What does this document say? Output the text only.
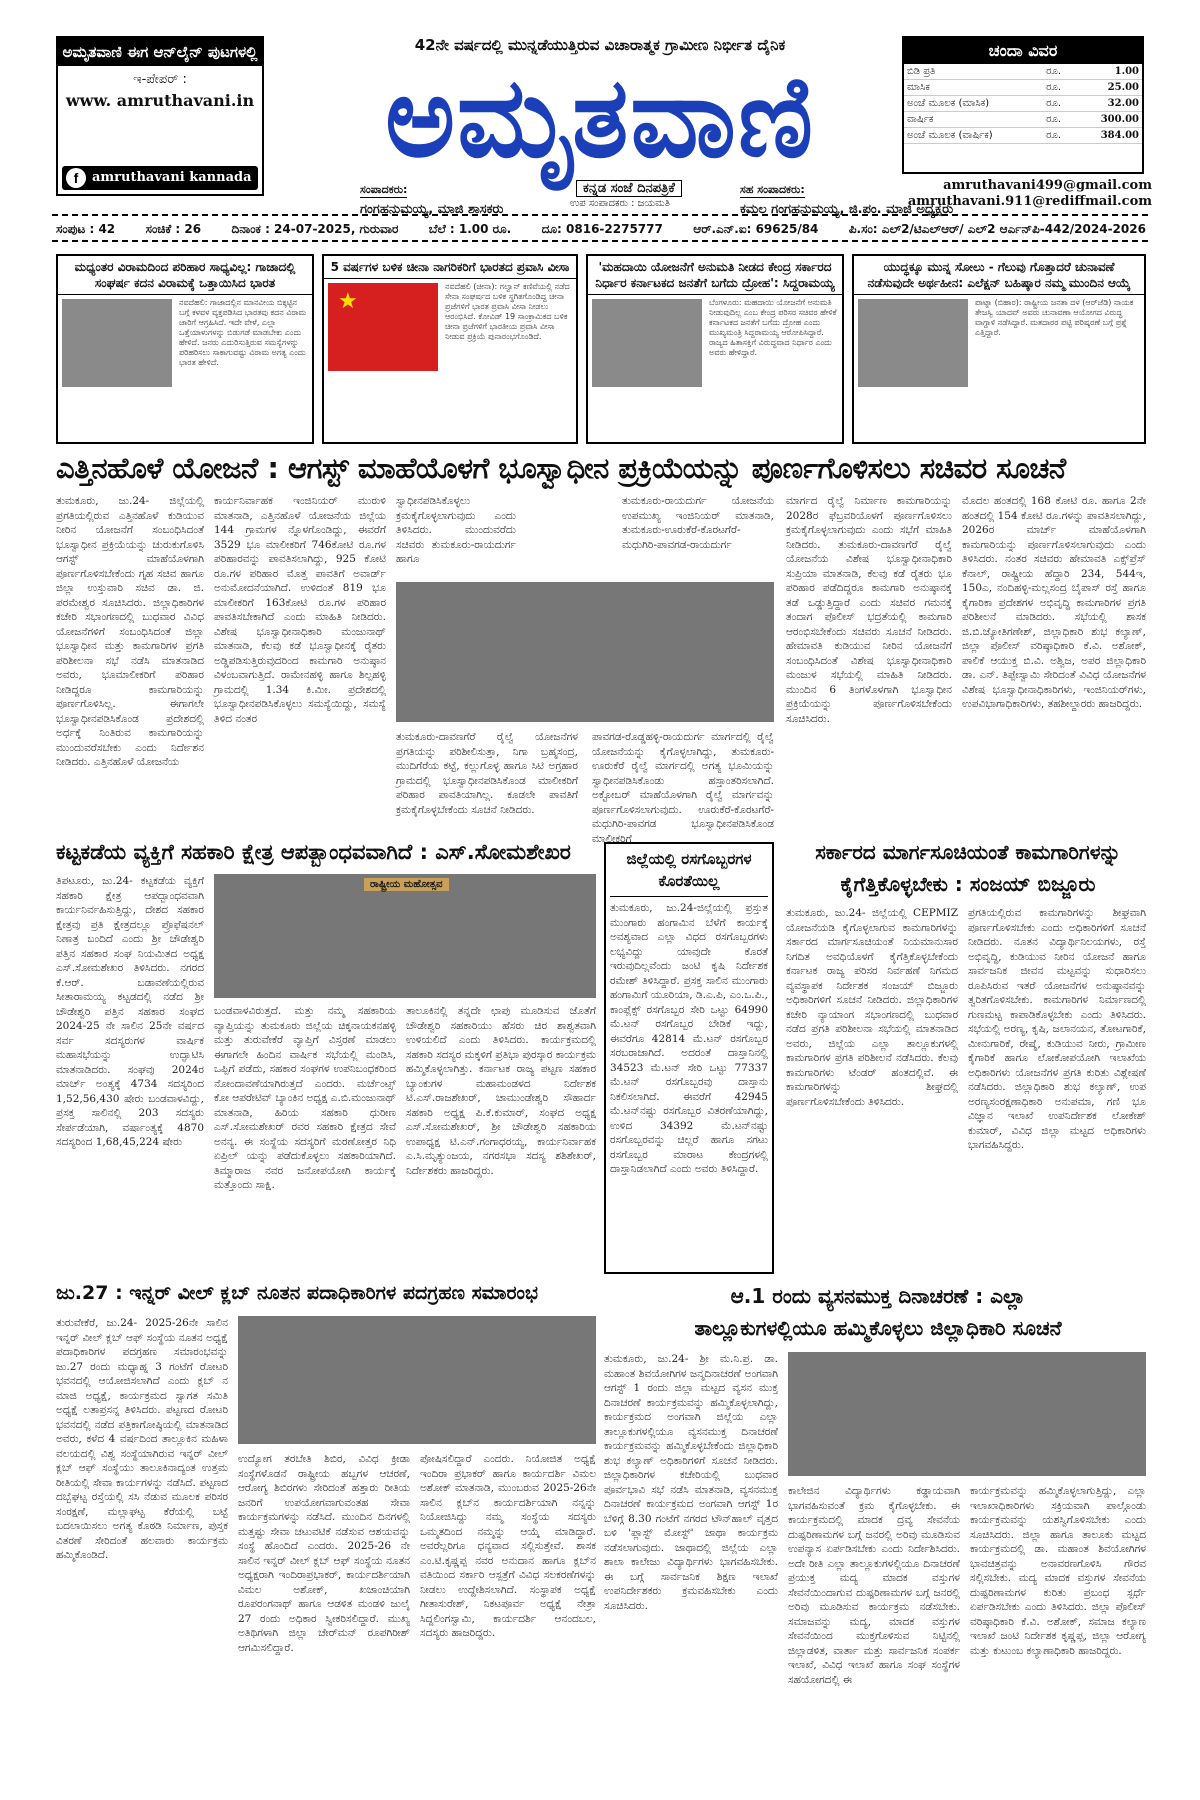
ಅಮೃತವಾಣಿ ಈಗ ಆನ್‌ಲೈನ್ ಪುಟಗಳಲ್ಲಿ
ಇ-ಪೇಪರ್ :
www. amruthavani.in
f	amruthavani kannada
42ನೇ ವರ್ಷದಲ್ಲಿ ಮುನ್ನಡೆಯುತ್ತಿರುವ ವಿಚಾರಾತ್ಮಕ ಗ್ರಾಮೀಣ ನಿರ್ಭೀತ ದೈನಿಕ
ಅಮೃತವಾಣಿ
ಸಂಪಾದಕರು:
ಗಂಗಹನುಮಯ್ಯ, ಮಾಜಿ ಶಾಸಕರು
ಕನ್ನಡ ಸಂಜೆ ದಿನಪತ್ರಿಕೆ
ಉಪ ಸಂಪಾದಕರು : ಜಯಮತಿ
ಸಹ ಸಂಪಾದಕರು:
ಕಮಲ ಗಂಗಹನುಮಯ್ಯ, ಜಿ.ಪಂ. ಮಾಜಿ ಅಧ್ಯಕ್ಷರು
ಚಂದಾ ವಿವರ
ಬಿಡಿ ಪ್ರತಿ	ರೂ.	1.00
ಮಾಸಿಕ	ರೂ.	25.00
ಅಂಚೆ ಮೂಲಕ (ಮಾಸಿಕ)	ರೂ.	32.00
ವಾರ್ಷಿಕ	ರೂ.	300.00
ಅಂಚೆ ಮೂಲಕ (ವಾರ್ಷಿಕ)	ರೂ.	384.00
amruthavani499@gmail.com
amruthavani.911@rediffmail.com
ಸಂಪುಟ : 42	ಸಂಚಿಕೆ : 26	ದಿನಾಂಕ : 24-07-2025, ಗುರುವಾರ	ಬೆಲೆ : 1.00 ರೂ.	ದೂ: 0816-2275777	ಆರ್.ಎನ್.ಐ: 69625/84	ಪಿ.ಸಂ: ಎಲ್2/ಟಿಎಲ್ಆರ್/ ಎಲ್2 ಆರ್ಎನ್‌ಪಿ-442/2024-2026
ಮಧ್ಯಂತರ ವಿರಾಮದಿಂದ ಪರಿಹಾರ ಸಾಧ್ಯವಿಲ್ಲ: ಗಾಜಾದಲ್ಲಿ ಸಂಘರ್ಷ ಕದನ ವಿರಾಮಕ್ಕೆ ಒತ್ತಾಯಿಸಿದ ಭಾರತ
ನವದೆಹಲಿ: ಗಾಜಾದಲ್ಲಿನ ಮಾನವೀಯ ಬಿಕ್ಕಟ್ಟಿನ ಬಗ್ಗೆ ಕಳವಳ ವ್ಯಕ್ತಪಡಿಸಿದ ಭಾರತವು ಕದನ ವಿರಾಮ ಜಾರಿಗೆ ಆಗ್ರಹಿಸಿದೆ. ಇದೇ ವೇಳೆ, ಎಲ್ಲಾ ಒತ್ತೆಯಾಳುಗಳನ್ನು ಬಿಡುಗಡೆ ಮಾಡಬೇಕು ಎಂದು ಹೇಳಿದೆ. ಜನರು ಎದುರಿಸುತ್ತಿರುವ ಸಮಸ್ಯೆಗಳನ್ನು ಪರಿಹರಿಸಲು ಸಾಕಾಗುವಷ್ಟು ವಿರಾಮ ಅಗತ್ಯ ಎಂದು ಭಾರತ ಹೇಳಿದೆ.
5 ವರ್ಷಗಳ ಬಳಿಕ ಚೀನಾ ನಾಗರಿಕರಿಗೆ ಭಾರತದ ಪ್ರವಾಸಿ ವೀಸಾ
★
ನವದೆಹಲಿ (ಚೀನಾ): ಗಲ್ವಾನ್ ಕಣಿವೆಯಲ್ಲಿ ನಡೆದ ಸೇನಾ ಸಂಘರ್ಷದ ಬಳಿಕ ಸ್ಥಗಿತಗೊಂಡಿದ್ದ ಚೀನಾ ಪ್ರಜೆಗಳಿಗೆ ಭಾರತ ಪ್ರವಾಸಿ ವೀಸಾ ನೀಡಲು ಆರಂಭಿಸಿದೆ. ಕೋವಿಡ್ 19 ಸಾಂಕ್ರಾಮಿಕದ ಬಳಿಕ ಚೀನಾ ಪ್ರಜೆಗಳಿಗೆ ಭಾರತೀಯ ಪ್ರವಾಸಿ ವೀಸಾ ನೀಡುವ ಪ್ರಕ್ರಿಯೆ ಪುನಾರಂಭಗೊಂಡಿದೆ.
'ಮಹದಾಯಿ ಯೋಜನೆಗೆ ಅನುಮತಿ ನೀಡದ ಕೇಂದ್ರ ಸರ್ಕಾರದ ನಿರ್ಧಾರ ಕರ್ನಾಟಕದ ಜನತೆಗೆ ಬಗೆದು ದ್ರೋಹ': ಸಿದ್ದರಾಮಯ್ಯ
ಬೆಂಗಳೂರು: ಮಹದಾಯಿ ಯೋಜನೆಗೆ ಅನುಮತಿ ನೀಡುವುದಿಲ್ಲ ಎಂಬ ಕೇಂದ್ರ ಪರಿಸರ ಸಚಿವರ ಹೇಳಿಕೆ ಕರ್ನಾಟಕದ ಜನತೆಗೆ ಬಗೆದು ದ್ರೋಹ ಎಂದು ಮುಖ್ಯಮಂತ್ರಿ ಸಿದ್ದರಾಮಯ್ಯ ಆರೋಪಿಸಿದ್ದಾರೆ. ರಾಜ್ಯದ ಹಿತಾಸಕ್ತಿಗೆ ವಿರುದ್ಧವಾದ ನಿರ್ಧಾರ ಎಂದು ಅವರು ಹೇಳಿದ್ದಾರೆ.
ಯುದ್ಧಕ್ಕೂ ಮುನ್ನ ಸೋಲು - ಗೆಲುವು ಗೊತ್ತಾದರೆ ಚುನಾವಣೆ ನಡೆಸುವುದೇ ಅರ್ಥಹೀನ: ಎಲೆಕ್ಷನ್ ಬಹಿಷ್ಕಾರ ನಮ್ಮ ಮುಂದಿನ ಆಯ್ಕೆ
ಪಾಟ್ನಾ (ಬಿಹಾರ): ರಾಷ್ಟ್ರೀಯ ಜನತಾ ದಳ (ಆರ್‌ಜೆಡಿ) ನಾಯಕ ತೇಜಸ್ವಿ ಯಾದವ್ ಅವರು ಚುನಾವಣಾ ಆಯೋಗದ ವಿರುದ್ಧ ವಾಗ್ದಾಳಿ ನಡೆಸಿದ್ದಾರೆ. ಮತದಾರರ ಪಟ್ಟಿ ಪರಿಷ್ಕರಣೆ ಬಗ್ಗೆ ಪ್ರಶ್ನೆ ಎತ್ತಿದ್ದಾರೆ.
ಎತ್ತಿನಹೊಳೆ ಯೋಜನೆ : ಆಗಸ್ಟ್ ಮಾಹೆಯೊಳಗೆ ಭೂಸ್ವಾಧೀನ ಪ್ರಕ್ರಿಯೆಯನ್ನು ಪೂರ್ಣಗೊಳಿಸಲು ಸಚಿವರ ಸೂಚನೆ
ತುಮಕೂರು, ಜು.24- ಜಿಲ್ಲೆಯಲ್ಲಿ ಪ್ರಗತಿಯಲ್ಲಿರುವ ಎತ್ತಿನಹೊಳೆ ಕುಡಿಯುವ ನೀರಿನ ಯೋಜನೆಗೆ ಸಂಬಂಧಿಸಿದಂತೆ ಭೂಸ್ವಾಧೀನ ಪ್ರಕ್ರಿಯೆಯನ್ನು ಚುರುಕುಗೊಳಿಸಿ ಆಗಸ್ಟ್ ಮಾಹೆಯೊಳಗಾಗಿ ಪೂರ್ಣಗೊಳಿಸಬೇಕೆಂದು ಗೃಹ ಸಚಿವ ಹಾಗೂ ಜಿಲ್ಲಾ ಉಸ್ತುವಾರಿ ಸಚಿವ ಡಾ. ಜಿ. ಪರಮೇಶ್ವರ ಸೂಚಿಸಿದರು. ಜಿಲ್ಲಾಧಿಕಾರಿಗಳ ಕಚೇರಿ ಸಭಾಂಗಣದಲ್ಲಿ ಬುಧವಾರ ವಿವಿಧ ಯೋಜನೆಗಳಿಗೆ ಸಂಬಂಧಿಸಿದಂತೆ ಜಿಲ್ಲಾ ಭೂಸ್ವಾಧೀನ ಮತ್ತು ಕಾಮಗಾರಿಗಳ ಪ್ರಗತಿ ಪರಿಶೀಲನಾ ಸಭೆ ನಡೆಸಿ ಮಾತನಾಡಿದ ಅವರು, ಭೂಮಾಲೀಕರಿಗೆ ಪರಿಹಾರ ನೀಡಿದ್ದರೂ ಕಾಮಗಾರಿಯನ್ನು ಪೂರ್ಣಗೊಳಿಸಿಲ್ಲ. ಈಗಾಗಲೇ ಭೂಸ್ವಾಧೀನಪಡಿಸಿಕೊಂಡ ಪ್ರದೇಶದಲ್ಲಿ ಅರ್ಧಕ್ಕೆ ನಿಂತಿರುವ ಕಾಮಗಾರಿಯನ್ನು ಮುಂದುವರೆಸಬೇಕು ಎಂದು ನಿರ್ದೇಶನ ನೀಡಿದರು. ಎತ್ತಿನಹೊಳೆ ಯೋಜನೆಯ
ಕಾರ್ಯನಿರ್ವಾಹಕ ಇಂಜಿನಿಯರ್ ಮುರುಳಿ ಮಾತನಾಡಿ, ಎತ್ತಿನಹೊಳೆ ಯೋಜನೆಯ ಜಿಲ್ಲೆಯ 144 ಗ್ರಾಮಗಳ ನ್ನೊಳಗೊಂಡಿದ್ದು, ಈವರೆಗೆ 3529 ಭೂ ಮಾಲೀಕರಿಗೆ 746ಕೋಟಿ ರೂ.ಗಳ ಪರಿಹಾರವನ್ನು ಪಾವತಿಸಲಾಗಿದ್ದು, 925 ಕೋಟಿ ರೂ.ಗಳ ಪರಿಹಾರ ಮೊತ್ತ ಪಾವತಿಗೆ ಅವಾರ್ಡ್ ಅನುಮೋದನೆಯಾಗಿದೆ. ಉಳಿದಂತೆ 819 ಭೂ ಮಾಲೀಕರಿಗೆ 163ಕೋಟಿ ರೂ.ಗಳ ಪರಿಹಾರ ಪಾವತಿಸಬೇಕಾಗಿದೆ ಎಂದು ಮಾಹಿತಿ ನೀಡಿದರು. ವಿಶೇಷ ಭೂಸ್ವಾಧೀನಾಧಿಕಾರಿ ಮಂಜುನಾಥ್ ಮಾತನಾಡಿ, ಕೆಲವು ಕಡೆ ಭೂಸ್ವಾಧೀನಕ್ಕೆ ರೈತರು ಅಡ್ಡಿಪಡಿಸುತ್ತಿರುವುದರಿಂದ ಕಾಮಗಾರಿ ಅನುಷ್ಠಾನ ವಿಳಂಬವಾಗುತ್ತಿದೆ. ರಾಮೇನಹಳ್ಳಿ ಹಾಗೂ ಶಿಲ್ಪಹಳ್ಳಿ ಗ್ರಾಮದಲ್ಲಿ 1.34 ಕಿ.ಮೀ. ಪ್ರದೇಶದಲ್ಲಿ ಭೂಸ್ವಾಧೀನಪಡಿಸಿಕೊಳ್ಳಲು ಸಮಸ್ಯೆಯಿದ್ದು, ಸಮಸ್ಯೆ ತಿಳಿದ ನಂತರ
ಸ್ವಾಧೀನಪಡಿಸಿಕೊಳ್ಳಲು ಕ್ರಮಕೈಗೊಳ್ಳಲಾಗುವುದು ಎಂದು ತಿಳಿಸಿದರು. ಮುಂದುವರೆದು ಸಚಿವರು ತುಮಕೂರು-ರಾಯದುರ್ಗ ಹಾಗೂ
ತುಮಕೂರು-ರಾಯದುರ್ಗ ಯೋಜನೆಯ ಉಪಮುಖ್ಯ ಇಂಜಿನಿಯರ್ ಮಾತನಾಡಿ, ತುಮಕೂರು-ಊರುಕೆರೆ-ಕೊರಟಗೆರೆ-ಮಧುಗಿರಿ-ಪಾವಗಡ-ರಾಯದುರ್ಗ
ತುಮಕೂರು-ದಾವಣಗೆರೆ ರೈಲ್ವೆ ಯೋಜನೆಗಳ ಪ್ರಗತಿಯನ್ನು ಪರಿಶೀಲಿಸುತ್ತಾ, ನಿಗಾ ಬ್ರಹ್ಮಸಂದ್ರ, ಮುದಿಗೆರೆಯ ಕಟ್ಟೆ, ಕಲ್ಲುಗೊಳ್ಳ ಹಾಗೂ ಸಿಟಿ ಅಗ್ರಹಾರ ಗ್ರಾಮದಲ್ಲಿ ಭೂಸ್ವಾಧೀನಪಡಿಸಿಕೊಂಡ ಮಾಲೀಕರಿಗೆ ಪರಿಹಾರ ಪಾವತಿಯಾಗಿಲ್ಲ. ಕೂಡಲೇ ಪಾವತಿಗೆ ಕ್ರಮಕೈಗೊಳ್ಳಬೇಕೆಂದು ಸೂಚನೆ ನೀಡಿದರು.
ಪಾವಗಡ-ರೊಡ್ಡಹಳ್ಳಿ-ರಾಯದುರ್ಗ ಮಾರ್ಗದಲ್ಲಿ ರೈಲ್ವೆ ಯೋಜನೆಯನ್ನು ಕೈಗೊಳ್ಳಲಾಗಿದ್ದು, ತುಮಕೂರು-ಊರುಕೆರೆ ರೈಲ್ವೆ ಮಾರ್ಗದಲ್ಲಿ ಅಗತ್ಯ ಭೂಮಿಯನ್ನು ಸ್ವಾಧೀನಪಡಿಸಿಕೊಂಡು ಹಸ್ತಾಂತರಿಸಲಾಗಿದೆ. ಅಕ್ಟೋಬರ್ ಮಾಹೆಯೊಳಗಾಗಿ ರೈಲ್ವೆ ಮಾರ್ಗವನ್ನು ಪೂರ್ಣಗೊಳಿಸಲಾಗುವುದು. ಊರುಕೆರೆ-ಕೊರಟಗೆರೆ-ಮಧುಗಿರಿ-ಪಾವಗಡ ಭೂಸ್ವಾಧೀನಪಡಿಸಿಕೊಂಡ ಮಾಲೀಕರಿಗೆ
ಮಾರ್ಗದ ರೈಲ್ವೆ ನಿರ್ಮಾಣ ಕಾಮಗಾರಿಯನ್ನು 2028ರ ಫೆಬ್ರವರಿಯೊಳಗೆ ಪೂರ್ಣಗೊಳಿಸಲು ಕ್ರಮಕೈಗೊಳ್ಳಲಾಗುವುದು ಎಂದು ಸಭೆಗೆ ಮಾಹಿತಿ ನೀಡಿದರು. ತುಮಕೂರು-ದಾವಣಗೆರೆ ರೈಲ್ವೆ ಯೋಜನೆಯ ವಿಶೇಷ ಭೂಸ್ವಾಧೀನಾಧಿಕಾರಿ ಸುಪ್ರಿಯಾ ಮಾತನಾಡಿ, ಕೆಲವು ಕಡೆ ರೈತರು ಭೂ ಪರಿಹಾರ ಪಡೆದಿದ್ದರೂ ಕಾಮಗಾರಿ ಅನುಷ್ಠಾನಕ್ಕೆ ತಡೆ ಒಡ್ಡುತ್ತಿದ್ದಾರೆ ಎಂದು ಸಚಿವರ ಗಮನಕ್ಕೆ ತಂದಾಗ ಪೊಲೀಸ್ ಭದ್ರತೆಯಲ್ಲಿ ಕಾಮಗಾರಿ ಆರಂಭಿಸಬೇಕೆಂದು ಸಚಿವರು ಸೂಚನೆ ನೀಡಿದರು. ಹೇಮಾವತಿ ಕುಡಿಯುವ ನೀರಿನ ಯೋಜನೆಗೆ ಸಂಬಂಧಿಸಿದಂತೆ ವಿಶೇಷ ಭೂಸ್ವಾಧೀನಾಧಿಕಾರಿ ಮಂಜುಳ ಸಭೆಯಲ್ಲಿ ಮಾಹಿತಿ ನೀಡಿದರು. ಮುಂದಿನ 6 ತಿಂಗಳೊಳಗಾಗಿ ಭೂಸ್ವಾಧೀನ ಪ್ರಕ್ರಿಯೆಯನ್ನು ಪೂರ್ಣಗೊಳಿಸಬೇಕೆಂದು ಸೂಚಿಸಿದರು.
ಮೊದಲ ಹಂತದಲ್ಲಿ 168 ಕೋಟಿ ರೂ. ಹಾಗೂ 2ನೇ ಹಂತದಲ್ಲಿ 154 ಕೋಟಿ ರೂ.ಗಳನ್ನು ಪಾವತಿಸಲಾಗಿದ್ದು, 2026ರ ಮಾರ್ಚ್ ಮಾಹೆಯೊಳಗಾಗಿ ಕಾಮಗಾರಿಯನ್ನು ಪೂರ್ಣಗೊಳಿಸಲಾಗುವುದು ಎಂದು ತಿಳಿಸಿದರು. ನಂತರ ಸಚಿವರು ಹೇಮಾವತಿ ಎಕ್ಸ್‌ಪ್ರೆಸ್ ಕೆನಾಲ್, ರಾಷ್ಟ್ರೀಯ ಹೆದ್ದಾರಿ 234, 544ಇ, 150ಎ, ನಂದಿಹಳ್ಳಿ-ಮಲ್ಲಸಂದ್ರ ಬೈಪಾಸ್ ರಸ್ತೆ ಹಾಗೂ ಕೈಗಾರಿಕಾ ಪ್ರದೇಶಗಳ ಅಭಿವೃದ್ಧಿ ಕಾಮಗಾರಿಗಳ ಪ್ರಗತಿ ಪರಿಶೀಲನೆ ಮಾಡಿದರು. ಸಭೆಯಲ್ಲಿ ಶಾಸಕ ಜಿ.ಬಿ.ಜ್ಯೋತಿಗಣೇಶ್, ಜಿಲ್ಲಾಧಿಕಾರಿ ಶುಭ ಕಲ್ಯಾಣ್, ಜಿಲ್ಲಾ ಪೊಲೀಸ್ ವರಿಷ್ಠಾಧಿಕಾರಿ ಕೆ.ವಿ. ಅಶೋಕ್, ಪಾಲಿಕೆ ಆಯುಕ್ತ ಬಿ.ವಿ. ಅಶ್ವಿಜ, ಅಪರ ಜಿಲ್ಲಾಧಿಕಾರಿ ಡಾ. ಎನ್. ತಿಪ್ಪೇಸ್ವಾಮಿ ಸೇರಿದಂತೆ ವಿವಿಧ ಯೋಜನೆಗಳ ವಿಶೇಷ ಭೂಸ್ವಾಧೀನಾಧಿಕಾರಿಗಳು, ಇಂಜಿನಿಯರ್‌ಗಳು, ಉಪವಿಭಾಗಾಧಿಕಾರಿಗಳು, ತಹಶೀಲ್ದಾರರು ಹಾಜರಿದ್ದರು.
ಕಟ್ಟಕಡೆಯ ವ್ಯಕ್ತಿಗೆ ಸಹಕಾರಿ ಕ್ಷೇತ್ರ ಆಪತ್ಬಾಂಧವವಾಗಿದೆ : ಎಸ್.ಸೋಮಶೇಖರ
ತಿಪಟೂರು, ಜು.24- ಕಟ್ಟಕಡೆಯ ವ್ಯಕ್ತಿಗೆ ಸಹಕಾರಿ ಕ್ಷೇತ್ರ ಆಪದ್ಬಾಂಧವವಾಗಿ ಕಾರ್ಯನಿರ್ವಹಿಸುತ್ತಿದ್ದು, ದೇಶದ ಸಹಕಾರ ಕ್ಷೇತ್ರವು ಪ್ರತಿ ಕ್ಷೇತ್ರದಲ್ಲೂ ಪ್ರೊಫೆಷನಲ್ ನಿಣಾತ್ರ ಬಂದಿದೆ ಎಂದು ಶ್ರೀ ಚೌಡೇಶ್ವರಿ ಪತ್ತಿನ ಸಹಕಾರ ಸಂಘ ನಿಯಮಿತದ ಅಧ್ಯಕ್ಷ ಎಸ್.ಸೋಮಶೇಖರ ತಿಳಿಸಿದರು. ನಗರದ ಕೆ.ಆರ್. ಬಡಾವಣೆಯಲ್ಲಿರುವ ಸೀತಾರಾಮಯ್ಯ ಕಟ್ಟಡದಲ್ಲಿ ನಡೆದ ಶ್ರೀ ಚೌಡೇಶ್ವರಿ ಪತ್ತಿನ ಸಹಕಾರ ಸಂಘದ 2024-25 ನೇ ಸಾಲಿನ 25ನೇ ವರ್ಷದ ಸರ್ವ ಸದಸ್ಯರುಗಳ ವಾರ್ಷಿಕ ಮಹಾಸಭೆಯನ್ನು ಉದ್ಘಾಟಿಸಿ ಮಾತನಾಡಿದರು. ಸಂಘವು 2024ರ ಮಾರ್ಚ್ ಅಂತ್ಯಕ್ಕೆ 4734 ಸದಸ್ಯರಿಂದ 1,52,56,430 ಷೇರು ಬಂಡವಾಳವಿದ್ದು, ಪ್ರಸಕ್ತ ಸಾಲಿನಲ್ಲಿ 203 ಸದಸ್ಯರು ಸೇರ್ಪಡೆಯಾಗಿ, ವರ್ಷಾಂತ್ಯಕ್ಕೆ 4870 ಸದಸ್ಯರಿಂದ 1,68,45,224 ಷೇರು
ರಾಷ್ಟ್ರೀಯ ಮಹೋತ್ಸವ
ಬಂಡವಾಳವಿರುತ್ತದೆ. ಮತ್ತು ನಮ್ಮ ಸಹಕಾರಿಯ ವ್ಯಾಪ್ತಿಯನ್ನು ತುಮಕೂರು ಜಿಲ್ಲೆಯ ಚಿಕ್ಕನಾಯಕನಹಳ್ಳಿ ಮತ್ತು ತುರುವೇಕೆರೆ ವ್ಯಾಪ್ತಿಗೆ ವಿಸ್ತರಣೆ ಮಾಡಲು ಈಗಾಗಲೇ ಹಿಂದಿನ ವಾರ್ಷಿಕ ಸಭೆಯಲ್ಲಿ ಮಂಡಿಸಿ, ಒಪ್ಪಿಗೆ ಪಡೆದು, ಸಹಕಾರ ಸಂಘಗಳ ಉಪನಿಬಂಧಕರಿಂದ ನೋಂದಾವಣೆಯಾಗಿರುತ್ತದೆ ಎಂದರು. ಮರ್ಚೆಂಟ್ಸ್ ಕೋ ಆಪರೇಟಿವ್ ಬ್ಯಾಂಕಿನ ಅಧ್ಯಕ್ಷ ಎ.ಬಿ.ಮಂಜುನಾಥ್ ಮಾತನಾಡಿ, ಹಿರಿಯ ಸಹಕಾರಿ ಧುರೀಣ ಎಸ್.ಸೋಮಶೇಖರ್ ರವರ ಸಹಕಾರಿ ಕ್ಷೇತ್ರದ ಸೇವೆ ಅನನ್ಯ. ಈ ಸಂಸ್ಥೆಯ ಸದಸ್ಯರಿಗೆ ಮರಣೋತ್ತರ ನಿಧಿ ಏಪ್ರಿಲ್ ಯನ್ನು ಪಡೆದುಕೊಳ್ಳಲು ಸಹಕಾರಿಯಾಗಿದೆ. ತಿಮ್ಮಾರಾಜ ನವರ ಜನೋಪಯೋಗಿ ಕಾರ್ಯಕ್ಕೆ ಮತ್ತೊಂದು ಸಾಕ್ಷಿ.
ತಾಲೂಕಿನಲ್ಲಿ ತನ್ನದೇ ಛಾಪು ಮೂಡಿಸುವ ಜೊತೆಗೆ ಚೌಡೇಶ್ವರಿ ಸಹಕಾರಿಯು ಹೆಸರು ಚಿರ ಶಾಶ್ವತವಾಗಿ ಉಳಿಯಲಿದೆ ಎಂದು ತಿಳಿಸಿದರು. ಕಾರ್ಯಕ್ರಮದಲ್ಲಿ ಸಹಕಾರಿ ಸದಸ್ಯರ ಮಕ್ಕಳಿಗೆ ಪ್ರತಿಭಾ ಪುರಸ್ಕಾರ ಕಾರ್ಯಕ್ರಮ ಹಮ್ಮಿಕೊಳ್ಳಲಾಗಿತ್ತು. ಕರ್ನಾಟಕ ರಾಜ್ಯ ಪಟ್ಟಣ ಸಹಕಾರ ಬ್ಯಾಂಕುಗಳ ಮಹಾಮಂಡಳದ ನಿರ್ದೇಶಕ ಟಿ.ಎಸ್.ರಾಜಶೇಖರ್, ಚಾಮುಂಡೇಶ್ವರಿ ಸೌಹಾರ್ದ ಸಹಕಾರಿ ಅಧ್ಯಕ್ಷ ಪಿ.ಕೆ.ಕುಮಾರ್, ಸಂಘದ ಅಧ್ಯಕ್ಷ ಎಸ್.ಸೋಮಶೇಖರ್, ಶ್ರೀ ಚೌಡೇಶ್ವರಿ ಸಹಕಾರಿಯ ಉಪಾಧ್ಯಕ್ಷ ಟಿ.ಎನ್.ಗಂಗಾಧರಯ್ಯ, ಕಾರ್ಯನಿರ್ವಾಹಕ ಎ.ಸಿ.ಮೃತ್ಯುಂಜಯ, ನಗರಸಭಾ ಸದಸ್ಯ ಶಶಿಶೇಖರ್, ನಿರ್ದೇಶಕರು ಹಾಜರಿದ್ದರು.
ಜಿಲ್ಲೆಯಲ್ಲಿ ರಸಗೊಬ್ಬರಗಳ ಕೊರತೆಯಿಲ್ಲ
ತುಮಕೂರು, ಜು.24-ಜಿಲ್ಲೆಯಲ್ಲಿ ಪ್ರಸ್ತುತ ಮುಂಗಾರು ಹಂಗಾಮಿನ ಬೆಳೆಗೆ ಕಾರ್ಯಕ್ಕೆ ಅವಶ್ಯವಾದ ಎಲ್ಲಾ ವಿಧದ ರಸಗೊಬ್ಬರಗಳು ಲಭ್ಯವಿದ್ದು ಯಾವುದೇ ಕೊರತೆ ಇರುವುದಿಲ್ಲವೆಂದು ಜಂಟಿ ಕೃಷಿ ನಿರ್ದೇಶಕ ರಮೇಶ್ ತಿಳಿಸಿದ್ದಾರೆ. ಪ್ರಸಕ್ತ ಸಾಲಿನ ಮುಂಗಾರು ಹಂಗಾಮಿಗೆ ಯೂರಿಯಾ, ಡಿ.ಎ.ಪಿ, ಎಂ.ಒ.ಪಿ., ಕಾಂಪ್ಲೆಕ್ಸ್ ರಸಗೊಬ್ಬರ ಸೇರಿ ಒಟ್ಟು 64990 ಮೆ.ಟನ್ ರಸಗೊಬ್ಬರ ಬೇಡಿಕೆ ಇದ್ದು, ಈವರೆಗೂ 42814 ಮೆ.ಟನ್ ರಸಗೊಬ್ಬರ ಸರಬರಾಜಾಗಿದೆ. ಅದರಂತೆ ದಾಸ್ತಾನಿನಲ್ಲಿ 34523 ಮೆ.ಟನ್ ಸೇರಿ ಒಟ್ಟು 77337 ಮೆ.ಟನ್ ರಸಗೊಬ್ಬರವು ದಾಸ್ತಾನು ನಿಕಲಿಸಲಾಗಿದೆ. ಈವರೆಗೆ 42945 ಮೆ.ಟನ್‌ನಷ್ಟು ರಸಗೊಬ್ಬರ ವಿತರಣೆಯಾಗಿದ್ದು, ಉಳಿದ 34392 ಮೆ.ಟನ್‌ನಷ್ಟು ರಸಗೊಬ್ಬರವನ್ನು ಚಿಲ್ಲರೆ ಹಾಗೂ ಸಗಟು ರಸಗೊಬ್ಬರ ಮಾರಾಟ ಕೇಂದ್ರಗಳಲ್ಲಿ ದಾಸ್ತಾನಿಡಲಾಗಿದೆ ಎಂದು ಅವರು ತಿಳಿಸಿದ್ದಾರೆ.
ಸರ್ಕಾರದ ಮಾರ್ಗಸೂಚಿಯಂತೆ ಕಾಮಗಾರಿಗಳನ್ನು
ಕೈಗೆತ್ತಿಕೊಳ್ಳಬೇಕು : ಸಂಜಯ್ ಬಿಜ್ಜೂರು
ತುಮಕೂರು, ಜು.24- ಜಿಲ್ಲೆಯಲ್ಲಿ CEPMIZ ಯೋಜನೆಯಡಿ ಕೈಗೊಳ್ಳಲಾಗುವ ಕಾಮಗಾರಿಗಳನ್ನು ಸರ್ಕಾರದ ಮಾರ್ಗಸೂಚಿಯಂತೆ ನಿಯಮಾನುಸಾರ ನಿಗದಿತ ಅವಧಿಯೊಳಗೆ ಕೈಗೆತ್ತಿಕೊಳ್ಳಬೇಕೆಂದು ಕರ್ನಾಟಕ ರಾಜ್ಯ ಪರಿಸರ ನಿರ್ವಹಣೆ ನಿಗಮದ ವ್ಯವಸ್ಥಾಪಕ ನಿರ್ದೇಶಕ ಸಂಜಯ್ ಬಿಜ್ಜೂರು ಅಧಿಕಾರಿಗಳಿಗೆ ಸೂಚನೆ ನೀಡಿದರು. ಜಿಲ್ಲಾಧಿಕಾರಿಗಳ ಕಚೇರಿ ನ್ಯಾಯಾಂಗ ಸಭಾಂಗಣದಲ್ಲಿ ಬುಧವಾರ ನಡೆದ ಪ್ರಗತಿ ಪರಿಶೀಲನಾ ಸಭೆಯಲ್ಲಿ ಮಾತನಾಡಿದ ಅವರು, ಜಿಲ್ಲೆಯ ಎಲ್ಲಾ ತಾಲ್ಲೂಕುಗಳಲ್ಲಿ ಕಾಮಗಾರಿಗಳ ಪ್ರಗತಿ ಪರಿಶೀಲನೆ ನಡೆಸಿದರು. ಕೆಲವು ಕಾಮಗಾರಿಗಳು ಟೆಂಡರ್ ಹಂತದಲ್ಲಿವೆ. ಈ ಕಾಮಗಾರಿಗಳನ್ನು ಶೀಘ್ರದಲ್ಲಿ ಪೂರ್ಣಗೊಳಿಸಬೇಕೆಂದು ತಿಳಿಸಿದರು.
ಪ್ರಗತಿಯಲ್ಲಿರುವ ಕಾಮಗಾರಿಗಳನ್ನು ಶೀಘ್ರವಾಗಿ ಪೂರ್ಣಗೊಳಿಸಬೇಕು ಎಂದು ಅಧಿಕಾರಿಗಳಿಗೆ ಸೂಚನೆ ನೀಡಿದರು. ನೂತನ ವಿದ್ಯಾರ್ಥಿನಿಲಯಗಳು, ರಸ್ತೆ ಅಭಿವೃದ್ಧಿ, ಕುಡಿಯುವ ನೀರಿನ ಯೋಜನೆ ಹಾಗೂ ಸಾರ್ವಜನಿಕ ಜೀವನ ಮಟ್ಟವನ್ನು ಸುಧಾರಿಸಲು ರೂಪಿಸಿರುವ ಇತರೆ ಯೋಜನೆಗಳ ಅನುಷ್ಠಾನವನ್ನು ತ್ವರಿತಗೊಳಿಸಬೇಕು. ಕಾಮಗಾರಿಗಳ ನಿರ್ಮಾಣದಲ್ಲಿ ಗುಣಮಟ್ಟ ಕಾಪಾಡಿಕೊಳ್ಳಬೇಕು ಎಂದು ತಿಳಿಸಿದರು. ಸಭೆಯಲ್ಲಿ ಅರಣ್ಯ, ಕೃಷಿ, ಜಲಾನಯನ, ತೋಟಗಾರಿಕೆ, ಮೀನುಗಾರಿಕೆ, ರೇಷ್ಮೆ, ಕುಡಿಯುವ ನೀರು, ಗ್ರಾಮೀಣ ಕೈಗಾರಿಕೆ ಹಾಗೂ ಲೋಕೋಪಯೋಗಿ ಇಲಾಖೆಯ ಅಧಿಕಾರಿಗಳು ಯೋಜನೆಗಳ ಪ್ರಗತಿ ಕುರಿತು ವಿಶ್ಲೇಷಣೆ ನಡೆಸಿದರು. ಜಿಲ್ಲಾಧಿಕಾರಿ ಶುಭ ಕಲ್ಯಾಣ್, ಉಪ ಅರಣ್ಯಸಂರಕ್ಷಣಾಧಿಕಾರಿ ಅನುಪಮಾ, ಗಣಿ ಭೂ ವಿಜ್ಞಾನ ಇಲಾಖೆ ಉಪನಿರ್ದೇಶಕ ಲೋಕೇಶ್ ಕುಮಾರ್, ವಿವಿಧ ಜಿಲ್ಲಾ ಮಟ್ಟದ ಅಧಿಕಾರಿಗಳು ಭಾಗವಹಿಸಿದ್ದರು.
ಜು.27 : ಇನ್ನರ್ ವೀಲ್ ಕ್ಲಬ್ ನೂತನ ಪದಾಧಿಕಾರಿಗಳ ಪದಗ್ರಹಣ ಸಮಾರಂಭ
ತುರುವೇಕೆರೆ, ಜು.24- 2025-26ನೇ ಸಾಲಿನ ಇನ್ನರ್ ವೀಲ್ ಕ್ಲಬ್ ಆಫ್ ಸಂಸ್ಥೆಯ ನೂತನ ಅಧ್ಯಕ್ಷೆ ಪದಾಧಿಕಾರಿಗಳ ಪದಗ್ರಹಣ ಸಮಾರಂಭವನ್ನು ಜು.27 ರಂದು ಮಧ್ಯಾಹ್ನ 3 ಗಂಟೆಗೆ ರೋಟರಿ ಭವನದಲ್ಲಿ ಆಯೋಜಿಸಲಾಗಿದೆ ಎಂದು ಕ್ಲಬ್ ನ ಮಾಜಿ ಅಧ್ಯಕ್ಷೆ, ಕಾರ್ಯಕ್ರಮದ ಸ್ವಾಗತ ಸಮಿತಿ ಅಧ್ಯಕ್ಷೆ ಲತಾಪ್ರಸನ್ನ ತಿಳಿಸಿದರು. ಪಟ್ಟಣದ ರೋಟರಿ ಭವನದಲ್ಲಿ ನಡೆದ ಪತ್ರಿಕಾಗೋಷ್ಠಿಯಲ್ಲಿ ಮಾತನಾಡಿದ ಅವರು, ಕಳೆದ 4 ವರ್ಷದಿಂದ ತಾಲ್ಲೂಕಿನ ಮಹಿಳಾ ವಲಯದಲ್ಲಿ ವಿಶ್ವ ಸಂಸ್ಥೆಯಾಗಿರುವ ಇನ್ನರ್ ವೀಲ್ ಕ್ಲಬ್ ಆಫ್ ಸಂಸ್ಥೆಯು ತಾಲೂಕಿನಾದ್ಯಂತ ಉತ್ತಮ ರೀತಿಯಲ್ಲಿ ಸೇವಾ ಕಾರ್ಯಗಳನ್ನು ನಡೆಸಿದೆ. ಪಟ್ಟಣದ ದಬ್ಬೆಘಟ್ಟ ರಸ್ತೆಯಲ್ಲಿ ಸಸಿ ನೆಡುವ ಮೂಲಕ ಪರಿಸರ ಸಂರಕ್ಷಣೆ, ಮಲ್ಲಾಘಟ್ಟ ಕೆರೆಯಲ್ಲಿ ಬಟ್ಟೆ ಬದಲಾಯಿಸಲು ಅಗತ್ಯ ಕೊಠಡಿ ನಿರ್ಮಾಣ, ಪುಸ್ತಕ ವಿತರಣೆ ಸೇರಿದಂತೆ ಹಲವಾರು ಕಾರ್ಯಕ್ರಮ ಹಮ್ಮಿಕೊಂಡಿದೆ.
ಉದ್ಯೋಗ ತರಬೇತಿ ಶಿಬಿರ, ವಿವಿಧ ಕ್ರೀಡಾ ಸಂಸ್ಥೆಗಳೊಡನೆ ರಾಷ್ಟ್ರೀಯ ಹಬ್ಬಗಳ ಆಚರಣೆ, ಆರೋಗ್ಯ ಶಿಬಿರಗಳು ಸೇರಿದಂತೆ ಹತ್ತಾರು ರೀತಿಯ ಜನರಿಗೆ ಉಪಯೋಗವಾಗುವಂತಹ ಸೇವಾ ಕಾರ್ಯಕ್ರಮಗಳನ್ನು ನಡೆಸಿದೆ. ಮುಂದಿನ ದಿನಗಳಲ್ಲಿ ಮತ್ತಷ್ಟು ಸೇವಾ ಚಟುವಟಿಕೆ ನಡೆಸುವ ಆಶಯವನ್ನು ಸಂಸ್ಥೆ ಹೊಂದಿದೆ ಎಂದರು. 2025-26 ನೇ ಸಾಲಿನ ಇನ್ನರ್ ವೀಲ್ ಕ್ಲಬ್ ಆಫ್ ಸಂಸ್ಥೆಯ ನೂತನ ಅಧ್ಯಕ್ಷರಾಗಿ ಇಂದಿರಾಪ್ರಭಾಕರ್, ಕಾರ್ಯದರ್ಶಿಯಾಗಿ ವಿಮಲ ಅಶೋಕ್, ಖಜಾಂಚಿಯಾಗಿ ರೂಪರಂಗನಾಥ್ ಹಾಗೂ ಆಡಳಿತ ಮಂಡಳಿ ಜುಲೈ 27 ರಂದು ಅಧಿಕಾರ ಸ್ವೀಕರಿಸಲಿದ್ದಾರೆ. ಮುಖ್ಯ ಅತಿಥಿಗಳಾಗಿ ಜಿಲ್ಲಾ ಚೇರ್‌ಮನ್ ರೂಪಗಿರೀಶ್ ಆಗಮಿಸಲಿದ್ದಾರೆ.
ಪೋಷಿಸಲಿದ್ದಾರೆ ಎಂದರು. ನಿಯೋಜಿತ ಅಧ್ಯಕ್ಷೆ ಇಂದಿರಾ ಪ್ರಭಾಕರ್ ಹಾಗೂ ಕಾರ್ಯದರ್ಶಿ ವಿಮಲ ಅಶೋಕ್ ಮಾತನಾಡಿ, ಮುಂಬರುವ 2025-26ನೇ ಸಾಲಿನ ಕ್ಲಬ್‌ನ ಕಾರ್ಯದರ್ಶಿಯಾಗಿ ನನ್ನನ್ನು ನಿಯೋಜಿಸಿದ್ದು ನಮ್ಮ ಸಂಸ್ಥೆಯ ಸದಸ್ಯರು ಒಮ್ಮತದಿಂದ ನಮ್ಮನ್ನು ಆಯ್ಕೆ ಮಾಡಿದ್ದಾರೆ. ಅವರೆಲ್ಲರಿಗೂ ಧನ್ಯವಾದ ಸಲ್ಲಿಸುತ್ತೇವೆ. ಶಾಸಕ ಎಂ.ಟಿ.ಕೃಷ್ಣಪ್ಪ ನವರ ಅನುದಾನ ಹಾಗೂ ಕ್ಲಬ್‌ನ ವತಿಯಿಂದ ಸರ್ಕಾರಿ ಆಸ್ಪತ್ರೆಗೆ ವಿವಿಧ ಸಲಕರಣೆಗಳನ್ನು ನೀಡಲು ಉದ್ದೇಶಿಸಲಾಗಿದೆ. ಸಂಸ್ಥಾಪಕ ಅಧ್ಯಕ್ಷೆ ಗೀತಾಸುರೇಶ್, ನಿಕಟಪೂರ್ವ ಅಧ್ಯಕ್ಷೆ ನೇತ್ರಾ ಸಿದ್ದಲಿಂಗಸ್ವಾಮಿ, ಕಾರ್ಯದರ್ಶಿ ಆನಂದಬಲ, ಸದಸ್ಯರು ಹಾಜರಿದ್ದರು.
ಆ.1 ರಂದು ವ್ಯಸನಮುಕ್ತ ದಿನಾಚರಣೆ : ಎಲ್ಲಾ
ತಾಲ್ಲೂಕುಗಳಲ್ಲಿಯೂ ಹಮ್ಮಿಕೊಳ್ಳಲು ಜಿಲ್ಲಾಧಿಕಾರಿ ಸೂಚನೆ
ತುಮಕೂರು, ಜು.24- ಶ್ರೀ ಮ.ನಿ.ಪ್ರ. ಡಾ. ಮಹಾಂತ ಶಿವಯೋಗಿಗಳ ಜನ್ಮದಿನಾಚರಣೆ ಅಂಗವಾಗಿ ಆಗಸ್ಟ್ 1 ರಂದು ಜಿಲ್ಲಾ ಮಟ್ಟದ ವ್ಯಸನ ಮುಕ್ತ ದಿನಾಚರಣೆ ಕಾರ್ಯಕ್ರಮವನ್ನು ಹಮ್ಮಿಕೊಳ್ಳಲಾಗಿದ್ದು, ಕಾರ್ಯಕ್ರಮದ ಅಂಗವಾಗಿ ಜಿಲ್ಲೆಯ ಎಲ್ಲಾ ತಾಲ್ಲೂಕುಗಳಲ್ಲಿಯೂ ವ್ಯಸನಮುಕ್ತ ದಿನಾಚರಣೆ ಕಾರ್ಯಕ್ರಮವನ್ನು ಹಮ್ಮಿಕೊಳ್ಳಬೇಕೆಂದು ಜಿಲ್ಲಾಧಿಕಾರಿ ಶುಭ ಕಲ್ಯಾಣ್ ಅಧಿಕಾರಿಗಳಿಗೆ ಸೂಚನೆ ನೀಡಿದರು. ಜಿಲ್ಲಾಧಿಕಾರಿಗಳ ಕಚೇರಿಯಲ್ಲಿ ಬುಧವಾರ ಪೂರ್ವಭಾವಿ ಸಭೆ ನಡೆಸಿ ಮಾತನಾಡಿ, ವ್ಯಸನಮುಕ್ತ ದಿನಾಚರಣೆ ಕಾರ್ಯಕ್ರಮದ ಅಂಗವಾಗಿ ಆಗಸ್ಟ್ 1ರ ಬೆಳಿಗ್ಗೆ 8.30 ಗಂಟೆಗೆ ನಗರದ ಟೌನ್‌ಹಾಲ್ ವೃತ್ತದ ಬಳಿ 'ಪ್ಲಾಸ್ಟ್ ಮೋಸ್ಟ್' ಜಾಥಾ ಕಾರ್ಯಕ್ರಮ ನಡೆಸಲಾಗುವುದು. ಜಾಥಾದಲ್ಲಿ ಜಿಲ್ಲೆಯ ಎಲ್ಲಾ ಶಾಲಾ ಕಾಲೇಜು ವಿದ್ಯಾರ್ಥಿಗಳು ಭಾಗವಹಿಸಬೇಕು. ಈ ಬಗ್ಗೆ ಸಾರ್ವಜನಿಕ ಶಿಕ್ಷಣ ಇಲಾಖೆ ಉಪನಿರ್ದೇಶಕರು ಕ್ರಮವಹಿಸಬೇಕು ಎಂದು ಸೂಚಿಸಿದರು.
ಕಾಲೇಜಿನ ವಿದ್ಯಾರ್ಥಿಗಳು ಕಡ್ಡಾಯವಾಗಿ ಭಾಗವಹಿಸುವಂತೆ ಕ್ರಮ ಕೈಗೊಳ್ಳಬೇಕು. ಈ ಕಾರ್ಯಕ್ರಮದಲ್ಲಿ ಮಾದಕ ದ್ರವ್ಯ ಸೇವನೆಯ ದುಷ್ಪರಿಣಾಮಗಳ ಬಗ್ಗೆ ಜನರಲ್ಲಿ ಅರಿವು ಮೂಡಿಸುವ ಉಪನ್ಯಾಸ ಏರ್ಪಡಿಸಬೇಕು ಎಂದು ನಿರ್ದೇಶಿಸಿದರು. ಅದೇ ರೀತಿ ಎಲ್ಲಾ ತಾಲ್ಲೂಕುಗಳಲ್ಲಿಯೂ ದಿನಾಚರಣೆ ಪ್ರಯುಕ್ತ ಮದ್ಯ ಮಾದಕ ವಸ್ತುಗಳ ಸೇವನೆಯಿಂದಾಗುವ ದುಷ್ಪರಿಣಾಮಗಳ ಬಗ್ಗೆ ಜನರಲ್ಲಿ ಅರಿವು ಮೂಡಿಸುವ ಕಾರ್ಯಕ್ರಮ ನಡೆಸಬೇಕು. ಸಮಾಜವನ್ನು ಮದ್ಯ, ಮಾದಕ ವಸ್ತುಗಳ ಸೇವನೆಯಿಂದ ಮುಕ್ತಗೊಳಿಸುವ ನಿಟ್ಟಿನಲ್ಲಿ ಜಿಲ್ಲಾಡಳಿತ, ವಾರ್ತಾ ಮತ್ತು ಸಾರ್ವಜನಿಕ ಸಂಪರ್ಕ ಇಲಾಖೆ, ವಿವಿಧ ಇಲಾಖೆ ಹಾಗೂ ಸಂಘ ಸಂಸ್ಥೆಗಳ ಸಹಯೋಗದಲ್ಲಿ ಈ
ಕಾರ್ಯಕ್ರಮವನ್ನು ಹಮ್ಮಿಕೊಳ್ಳಲಾಗುತ್ತಿದ್ದು, ಎಲ್ಲಾ ಇಲಾಖಾಧಿಕಾರಿಗಳು ಸಕ್ರಿಯವಾಗಿ ಪಾಲ್ಗೊಂಡು ಕಾರ್ಯಕ್ರಮವನ್ನು ಯಶಸ್ವಿಗೊಳಿಸಬೇಕು ಎಂದು ಸೂಚಿಸಿದರು. ಜಿಲ್ಲಾ ಹಾಗೂ ತಾಲೂಕು ಮಟ್ಟದ ಕಾರ್ಯಕ್ರಮದಲ್ಲಿ ಡಾ. ಮಹಾಂತ ಶಿವಯೋಗಿಗಳ ಭಾವಚಿತ್ರವನ್ನು ಅನಾವರಣಗೊಳಿಸಿ ಗೌರವ ಸಲ್ಲಿಸಬೇಕು. ಮದ್ಯ ಮಾದಕ ವಸ್ತುಗಳ ಸೇವನೆಯ ದುಷ್ಪರಿಣಾಮಗಳ ಕುರಿತು ಪ್ರಬಂಧ ಸ್ಪರ್ಧೆ ಏರ್ಪಡಿಸಬೇಕು ಎಂದು ತಿಳಿಸಿದರು. ಜಿಲ್ಲಾ ಪೊಲೀಸ್ ವರಿಷ್ಠಾಧಿಕಾರಿ ಕೆ.ವಿ. ಅಶೋಕ್, ಸಮಾಜ ಕಲ್ಯಾಣ ಇಲಾಖೆ ಜಂಟಿ ನಿರ್ದೇಶಕ ಕೃಷ್ಣಪ್ಪ, ಜಿಲ್ಲಾ ಆರೋಗ್ಯ ಮತ್ತು ಕುಟುಂಬ ಕಲ್ಯಾಣಾಧಿಕಾರಿ ಹಾಜರಿದ್ದರು.
